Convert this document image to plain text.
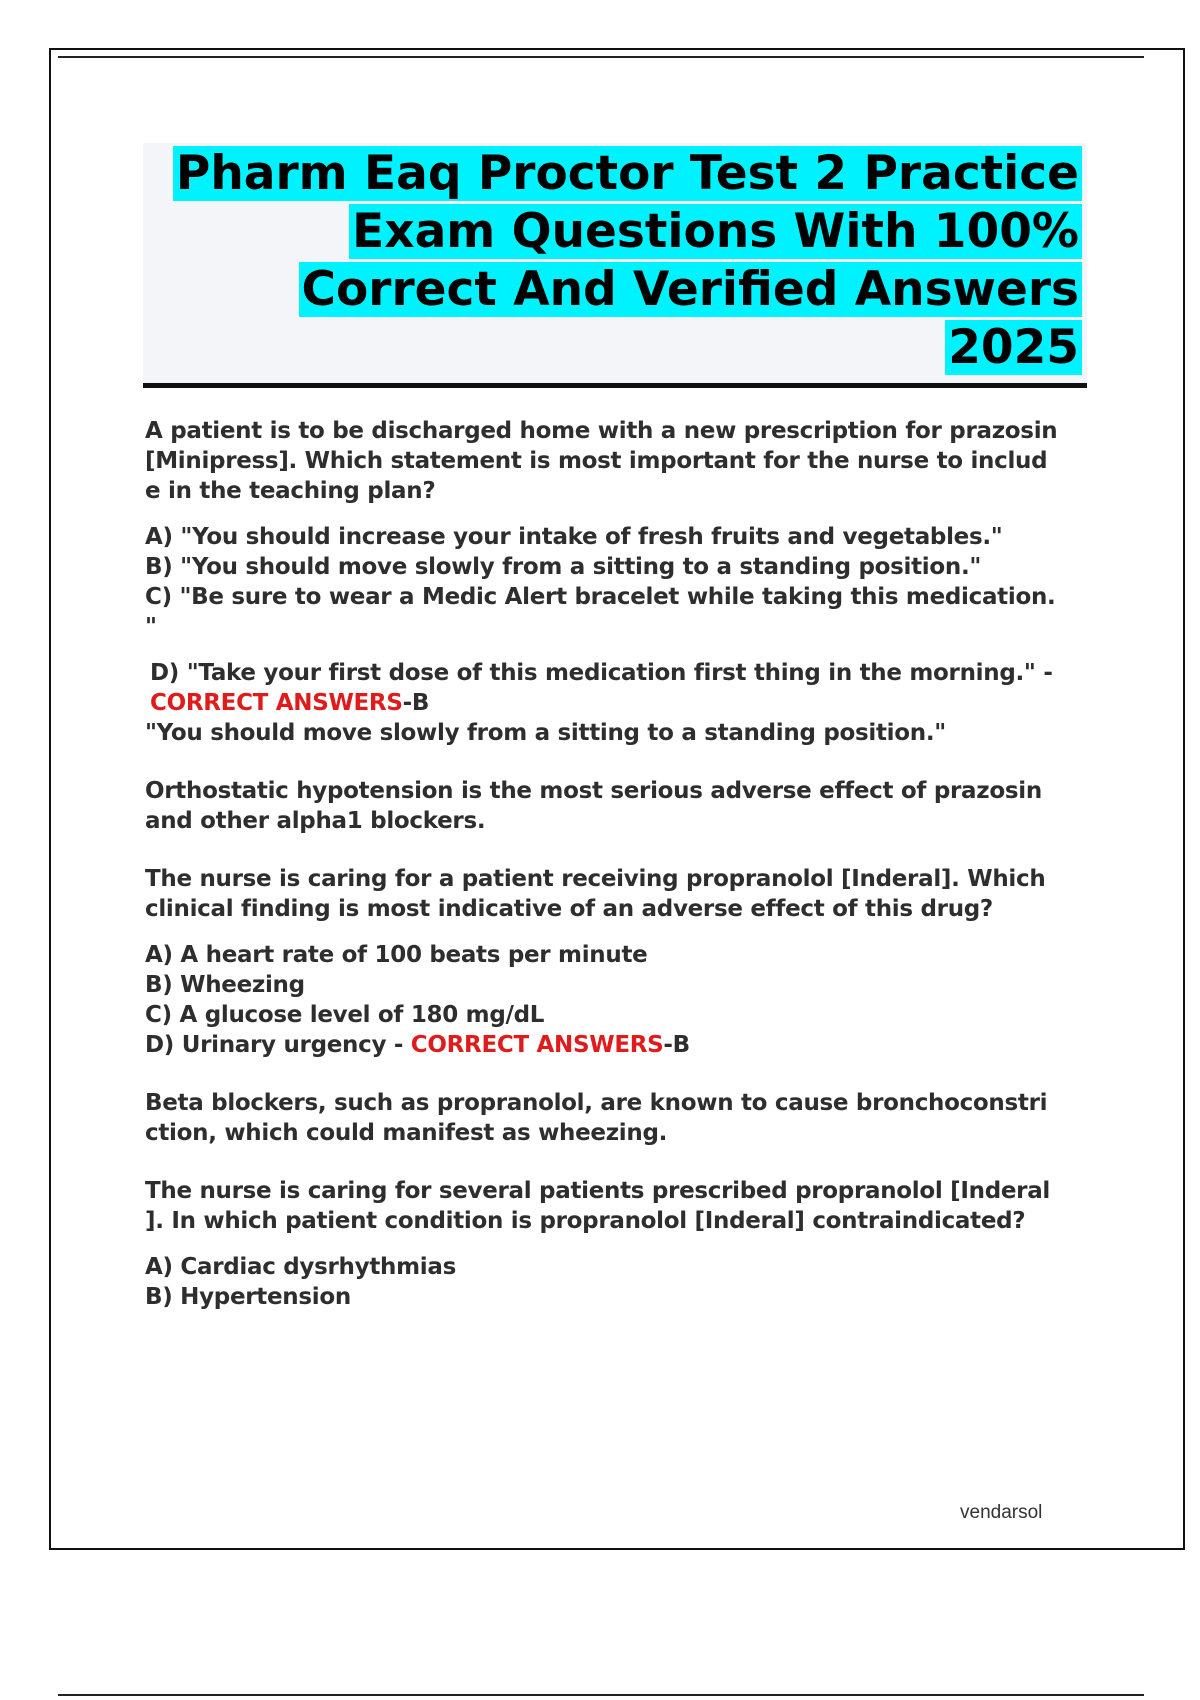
Pharm Eaq Proctor Test 2 Practice
Exam Questions With 100%
Correct And Verified Answers
2025

A patient is to be discharged home with a new prescription for prazosin

[Minipress]. Which statement is most important for the nurse to includ

e in the teaching plan?

A) "You should increase your intake of fresh fruits and vegetables."

B) "You should move slowly from a sitting to a standing position."

C) "Be sure to wear a Medic Alert bracelet while taking this medication.

"

D) "Take your first dose of this medication first thing in the morning." -

CORRECT ANSWERS-B

"You should move slowly from a sitting to a standing position."

Orthostatic hypotension is the most serious adverse effect of prazosin

and other alpha1 blockers.

The nurse is caring for a patient receiving propranolol [Inderal]. Which

clinical finding is most indicative of an adverse effect of this drug?

A) A heart rate of 100 beats per minute

B) Wheezing

C) A glucose level of 180 mg/dL

D) Urinary urgency - CORRECT ANSWERS-B

Beta blockers, such as propranolol, are known to cause bronchoconstri

ction, which could manifest as wheezing.

The nurse is caring for several patients prescribed propranolol [Inderal

]. In which patient condition is propranolol [Inderal] contraindicated?

A) Cardiac dysrhythmias

B) Hypertension

vendarsol
